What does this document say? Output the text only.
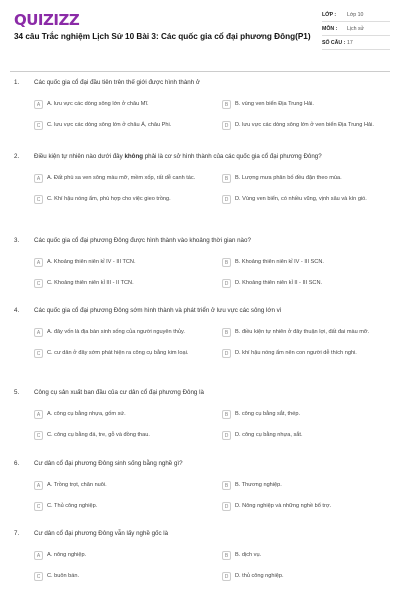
QUIZIZZ
34 câu Trắc nghiệm Lịch Sử 10 Bài 3: Các quốc gia cổ đại phương Đông(P1)
LỚP :	Lớp 10
MÔN :	Lịch sử
SỐ CÂU : 17
1.	Các quốc gia cổ đại đầu tiên trên thế giới được hình thành ở
A	A. lưu vực các dòng sông lớn ở châu Mĩ.	B	B. vùng ven biển Địa Trung Hải.
C	C. lưu vực các dòng sông lớn ở châu Á, châu Phi.	D	D. lưu vực các dòng sông lớn ở ven biển Địa Trung Hải.
2.	Điều kiện tự nhiên nào dưới đây không phải là cơ sở hình thành của các quốc gia cổ đại phương Đông?
A	A. Đất phù sa ven sông màu mỡ, mềm xốp, rất dễ canh tác.	B	B. Lượng mưa phân bố đều đặn theo mùa.
C	C. Khí hậu nóng ẩm, phù hợp cho việc gieo trồng.	D	D. Vùng ven biển, có nhiều vũng, vịnh sâu và kín gió.
3.	Các quốc gia cổ đại phương Đông được hình thành vào khoảng thời gian nào?
A	A. Khoảng thiên niên kỉ IV - III TCN.	B	B. Khoảng thiên niên kỉ IV - III SCN.
C	C. Khoảng thiên niên kỉ III - II TCN.	D	D. Khoảng thiên niên kỉ II - III SCN.
4.	Các quốc gia cổ đại phương Đông sớm hình thành và phát triển ở lưu vực các sông lớn vì
A	A. đây vốn là địa bàn sinh sống của người nguyên thủy.	B	B. điều kiện tự nhiên ở đây thuận lợi, đất đai màu mỡ.
C	C. cư dân ở đây sớm phát hiện ra công cụ bằng kim loại.	D	D. khí hậu nóng ẩm nên con người dễ thích nghi.
5.	Công cụ sản xuất ban đầu của cư dân cổ đại phương Đông là
A	A. công cụ bằng nhựa, gốm sứ.	B	B. công cụ bằng sắt, thép.
C	C. công cụ bằng đá, tre, gỗ và đồng thau.	D	D. công cụ bằng nhựa, sắt.
6.	Cư dân cổ đại phương Đông sinh sống bằng nghề gì?
A	A. Trồng trọt, chăn nuôi.	B	B. Thương nghiệp.
C	C. Thủ công nghiệp.	D	D. Nông nghiệp và những nghề bổ trợ.
7.	Cư dân cổ đại phương Đông vẫn lấy nghề gốc là
A	A. nông nghiệp.	B	B. dịch vụ.
C	C. buôn bán.	D	D. thủ công nghiệp.
